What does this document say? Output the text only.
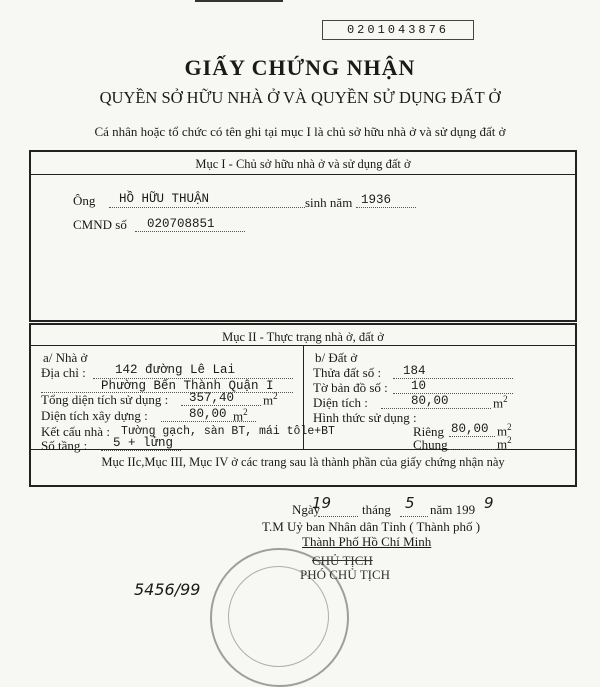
0201043876
GIẤY CHỨNG NHẬN
QUYỀN SỞ HỮU NHÀ Ở VÀ QUYỀN SỬ DỤNG ĐẤT Ở
Cá nhân hoặc tổ chức có tên ghi tại mục I là chủ sở hữu nhà ở và sử dụng đất ở
Mục I - Chủ sở hữu nhà ở và sử dụng đất ở
Ông HỒ HỮU THUẬN	sinh năm 1936
CMND số 020708851
Mục II - Thực trạng nhà ở, đất ở
a/ Nhà ở
Địa chỉ : 142 đường Lê Lai
Phường Bến Thành Quận I
Tổng diện tích sử dụng : 357,40 $m^2$
Diện tích xây dựng :	80,00 $m^2$
Kết cấu nhà : Tường gạch, sàn BT, mái tôle+BT
Số tầng : 5 + lửng
b/ Đất ở
Thửa đất số : 184
Tờ bản đồ số : 10
Diện tích :	80,00	$m^2$
Hình thức sử dụng :
Riêng 80,00 $m^2$
Chung	$m^2$
Mục IIc,Mục III, Mục IV ở các trang sau là thành phần của giấy chứng nhận này
Ngày
19 tháng 5 năm 199 9
T.M Uỷ ban Nhân dân Tỉnh ( Thành phố )
Thành Phố Hồ Chí Minh
CHỦ TỊCH
PHÓ CHỦ TỊCH
5456/99
